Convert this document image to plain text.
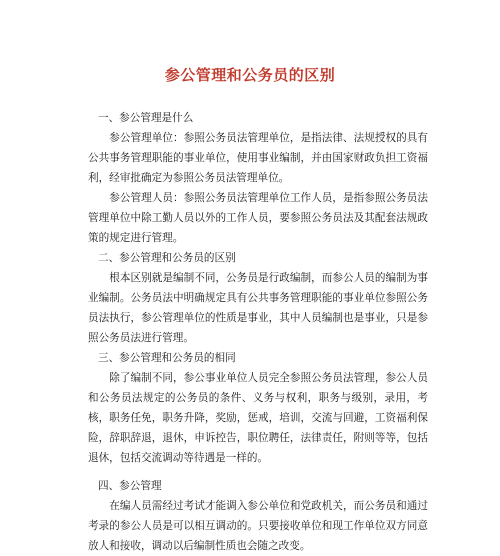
参公管理和公务员的区别
一、参公管理是什么

参公管理单位：参照公务员法管理单位，是指法律、法规授权的具有公共事务管理职能的事业单位，使用事业编制，并由国家财政负担工资福利，经审批确定为参照公务员法管理单位。

参公管理人员：参照公务员法管理单位工作人员，是指参照公务员法管理单位中除工勤人员以外的工作人员，要参照公务员法及其配套法规政策的规定进行管理。

二、参公管理和公务员的区别

根本区别就是编制不同，公务员是行政编制，而参公人员的编制为事业编制。公务员法中明确规定具有公共事务管理职能的事业单位参照公务员法执行，参公管理单位的性质是事业，其中人员编制也是事业，只是参照公务员法进行管理。

三、参公管理和公务员的相同

除了编制不同，参公事业单位人员完全参照公务员法管理，参公人员和公务员法规定的公务员的条件、义务与权利，职务与级别，录用，考核，职务任免，职务升降，奖励，惩戒，培训，交流与回避，工资福利保险，辞职辞退，退休，申诉控告，职位聘任，法律责任，附则等等，包括退休，包括交流调动等待遇是一样的。

四、参公管理

在编人员需经过考试才能调入参公单位和党政机关，而公务员和通过考录的参公人员是可以相互调动的。只要接收单位和现工作单位双方同意放人和接收，调动以后编制性质也会随之改变。
